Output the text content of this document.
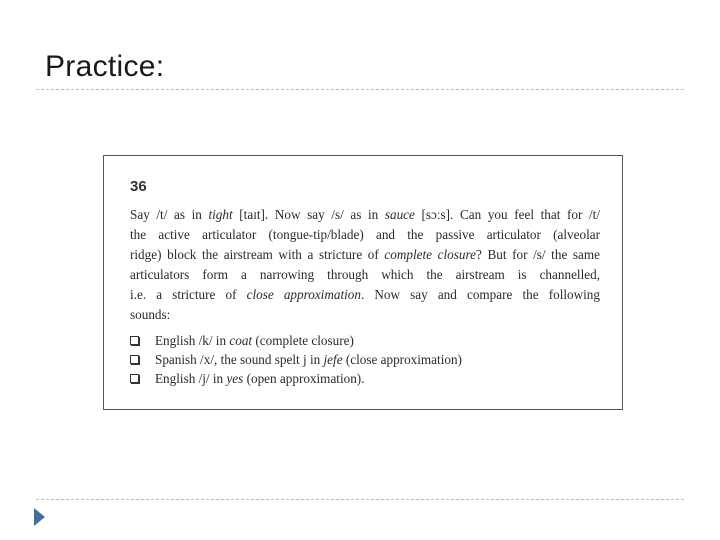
Practice:
36
Say /t/ as in tight [taɪt]. Now say /s/ as in sauce [sɔːs]. Can you feel that for /t/
the active articulator (tongue-tip/blade) and the passive articulator (alveolar
ridge) block the airstream with a stricture of complete closure? But for /s/ the same
articulators form a narrowing through which the airstream is channelled,
i.e. a stricture of close approximation. Now say and compare the following
sounds:
English /k/ in coat (complete closure)
Spanish /x/, the sound spelt j in jefe (close approximation)
English /j/ in yes (open approximation).
